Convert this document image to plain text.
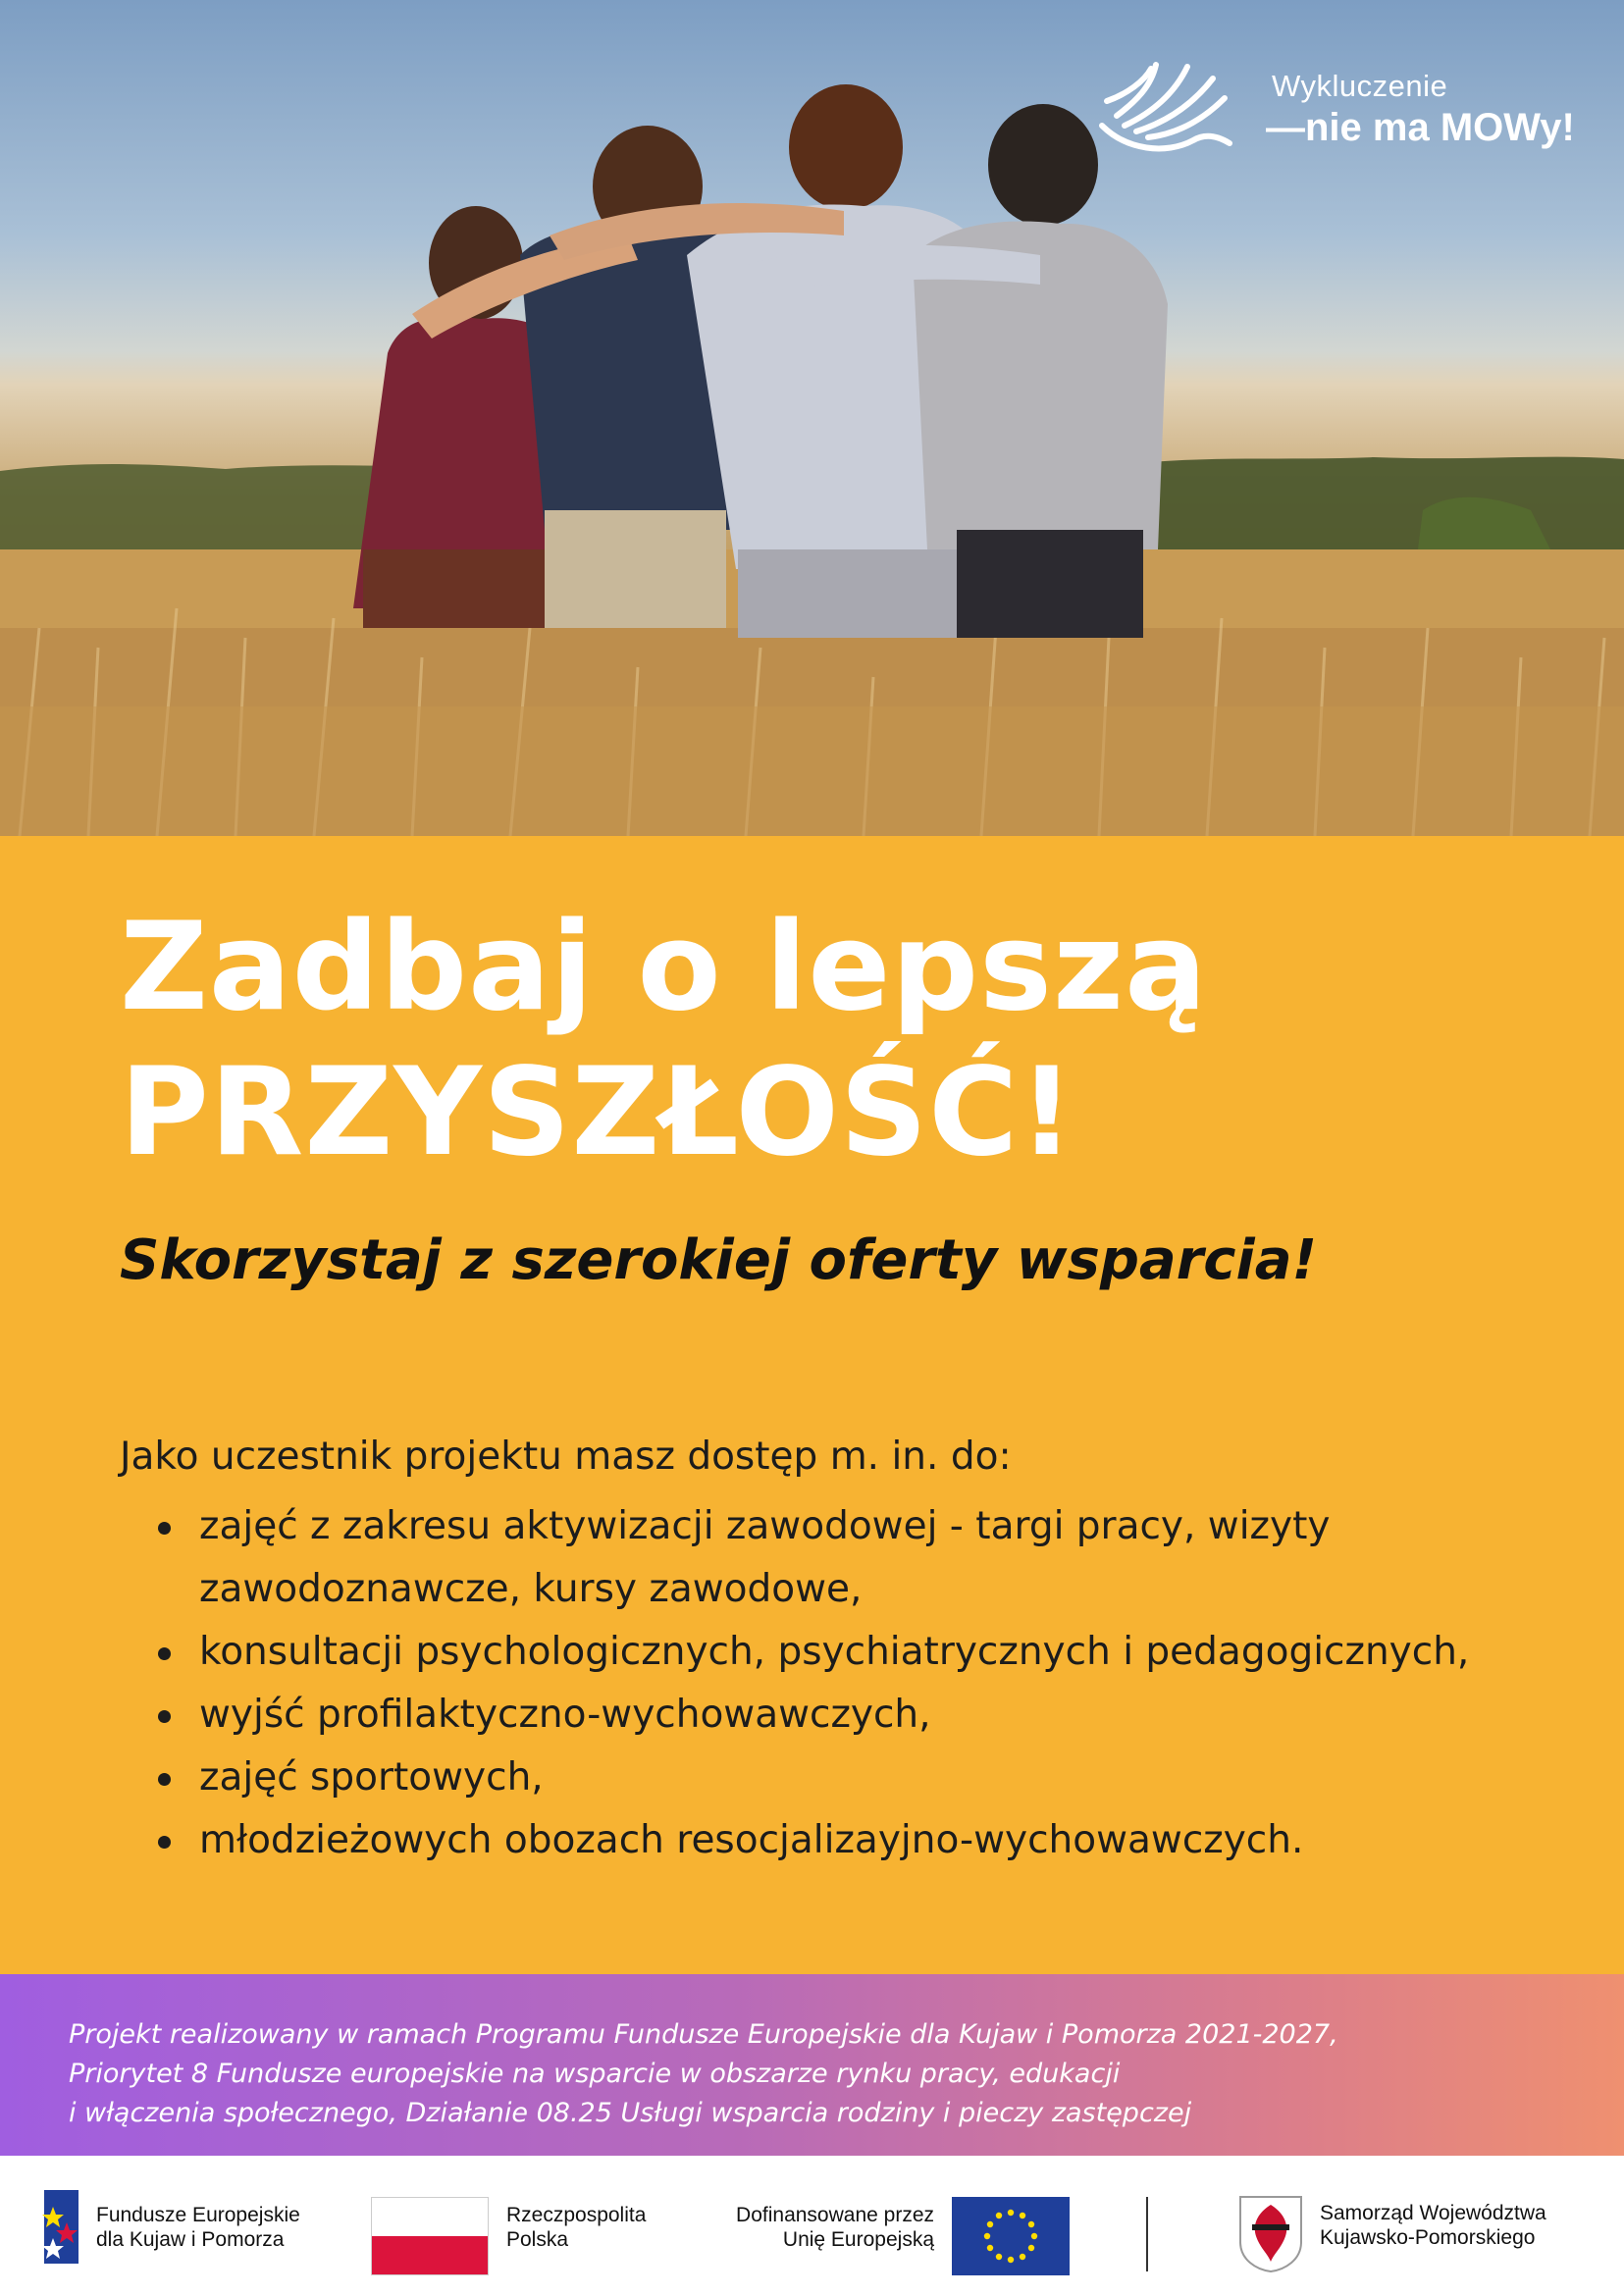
Wykluczenie
—nie ma MOWy!
Zadbaj o lepszą
PRZYSZŁOŚĆ!
Skorzystaj z szerokiej oferty wsparcia!
Jako uczestnik projektu masz dostęp m. in. do:
zajęć z zakresu aktywizacji zawodowej - targi pracy, wizyty
zawodoznawcze, kursy zawodowe,
konsultacji psychologicznych, psychiatrycznych i pedagogicznych,
wyjść profilaktyczno-wychowawczych,
zajęć sportowych,
młodzieżowych obozach resocjalizayjno-wychowawczych.
Projekt realizowany w ramach Programu Fundusze Europejskie dla Kujaw i Pomorza 2021-2027,
Priorytet 8 Fundusze europejskie na wsparcie w obszarze rynku pracy, edukacji
i włączenia społecznego, Działanie 08.25 Usługi wsparcia rodziny i pieczy zastępczej
Fundusze Europejskie
dla Kujaw i Pomorza
Rzeczpospolita
Polska
Dofinansowane przez
Unię Europejską
Samorząd Województwa
Kujawsko-Pomorskiego
